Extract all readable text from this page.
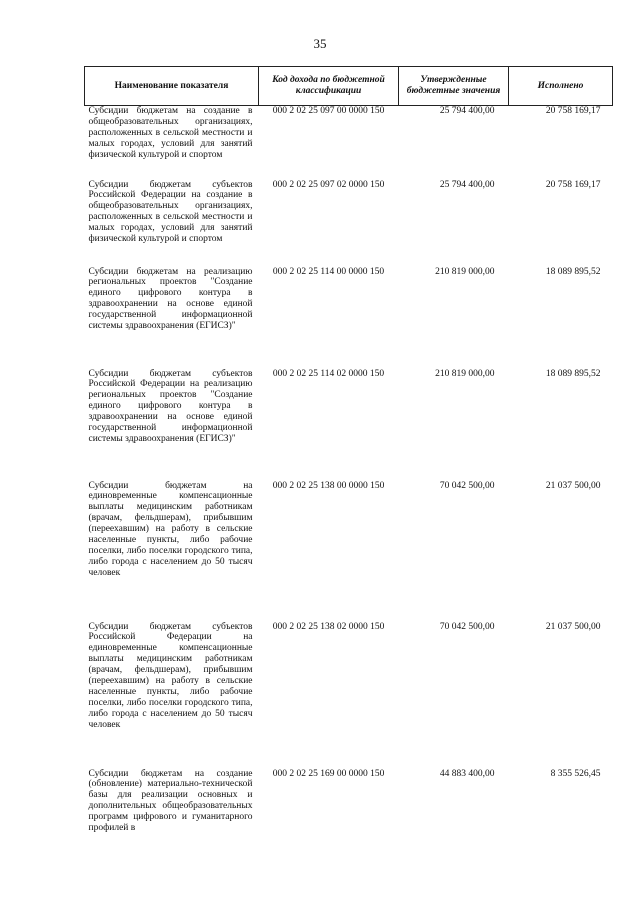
35
Наименование показателя	Код дохода по бюджетной классификации	Утвержденные бюджетные значения	Исполнено
Субсидии бюджетам на создание в общеобразовательных организациях, расположенных в сельской местности и малых городах, условий для занятий физической культурой и спортом	000 2 02 25 097 00 0000 150	25 794 400,00	20 758 169,17
Субсидии бюджетам субъектов Российской Федерации на создание в общеобразовательных организациях, расположенных в сельской местности и малых городах, условий для занятий физической культурой и спортом	000 2 02 25 097 02 0000 150	25 794 400,00	20 758 169,17
Субсидии бюджетам на реализацию региональных проектов "Создание единого цифрового контура в здравоохранении на основе единой государственной информационной системы здравоохранения (ЕГИСЗ)"	000 2 02 25 114 00 0000 150	210 819 000,00	18 089 895,52
Субсидии бюджетам субъектов Российской Федерации на реализацию региональных проектов "Создание единого цифрового контура в здравоохранении на основе единой государственной информационной системы здравоохранения (ЕГИСЗ)"	000 2 02 25 114 02 0000 150	210 819 000,00	18 089 895,52
Субсидии бюджетам на единовременные компенсационные выплаты медицинским работникам (врачам, фельдшерам), прибывшим (переехавшим) на работу в сельские населенные пункты, либо рабочие поселки, либо поселки городского типа, либо города с населением до 50 тысяч человек	000 2 02 25 138 00 0000 150	70 042 500,00	21 037 500,00
Субсидии бюджетам субъектов Российской Федерации на единовременные компенсационные выплаты медицинским работникам (врачам, фельдшерам), прибывшим (переехавшим) на работу в сельские населенные пункты, либо рабочие поселки, либо поселки городского типа, либо города с населением до 50 тысяч человек	000 2 02 25 138 02 0000 150	70 042 500,00	21 037 500,00
Субсидии бюджетам на создание (обновление) материально-технической базы для реализации основных и дополнительных общеобразовательных программ цифрового и гуманитарного профилей в	000 2 02 25 169 00 0000 150	44 883 400,00	8 355 526,45
